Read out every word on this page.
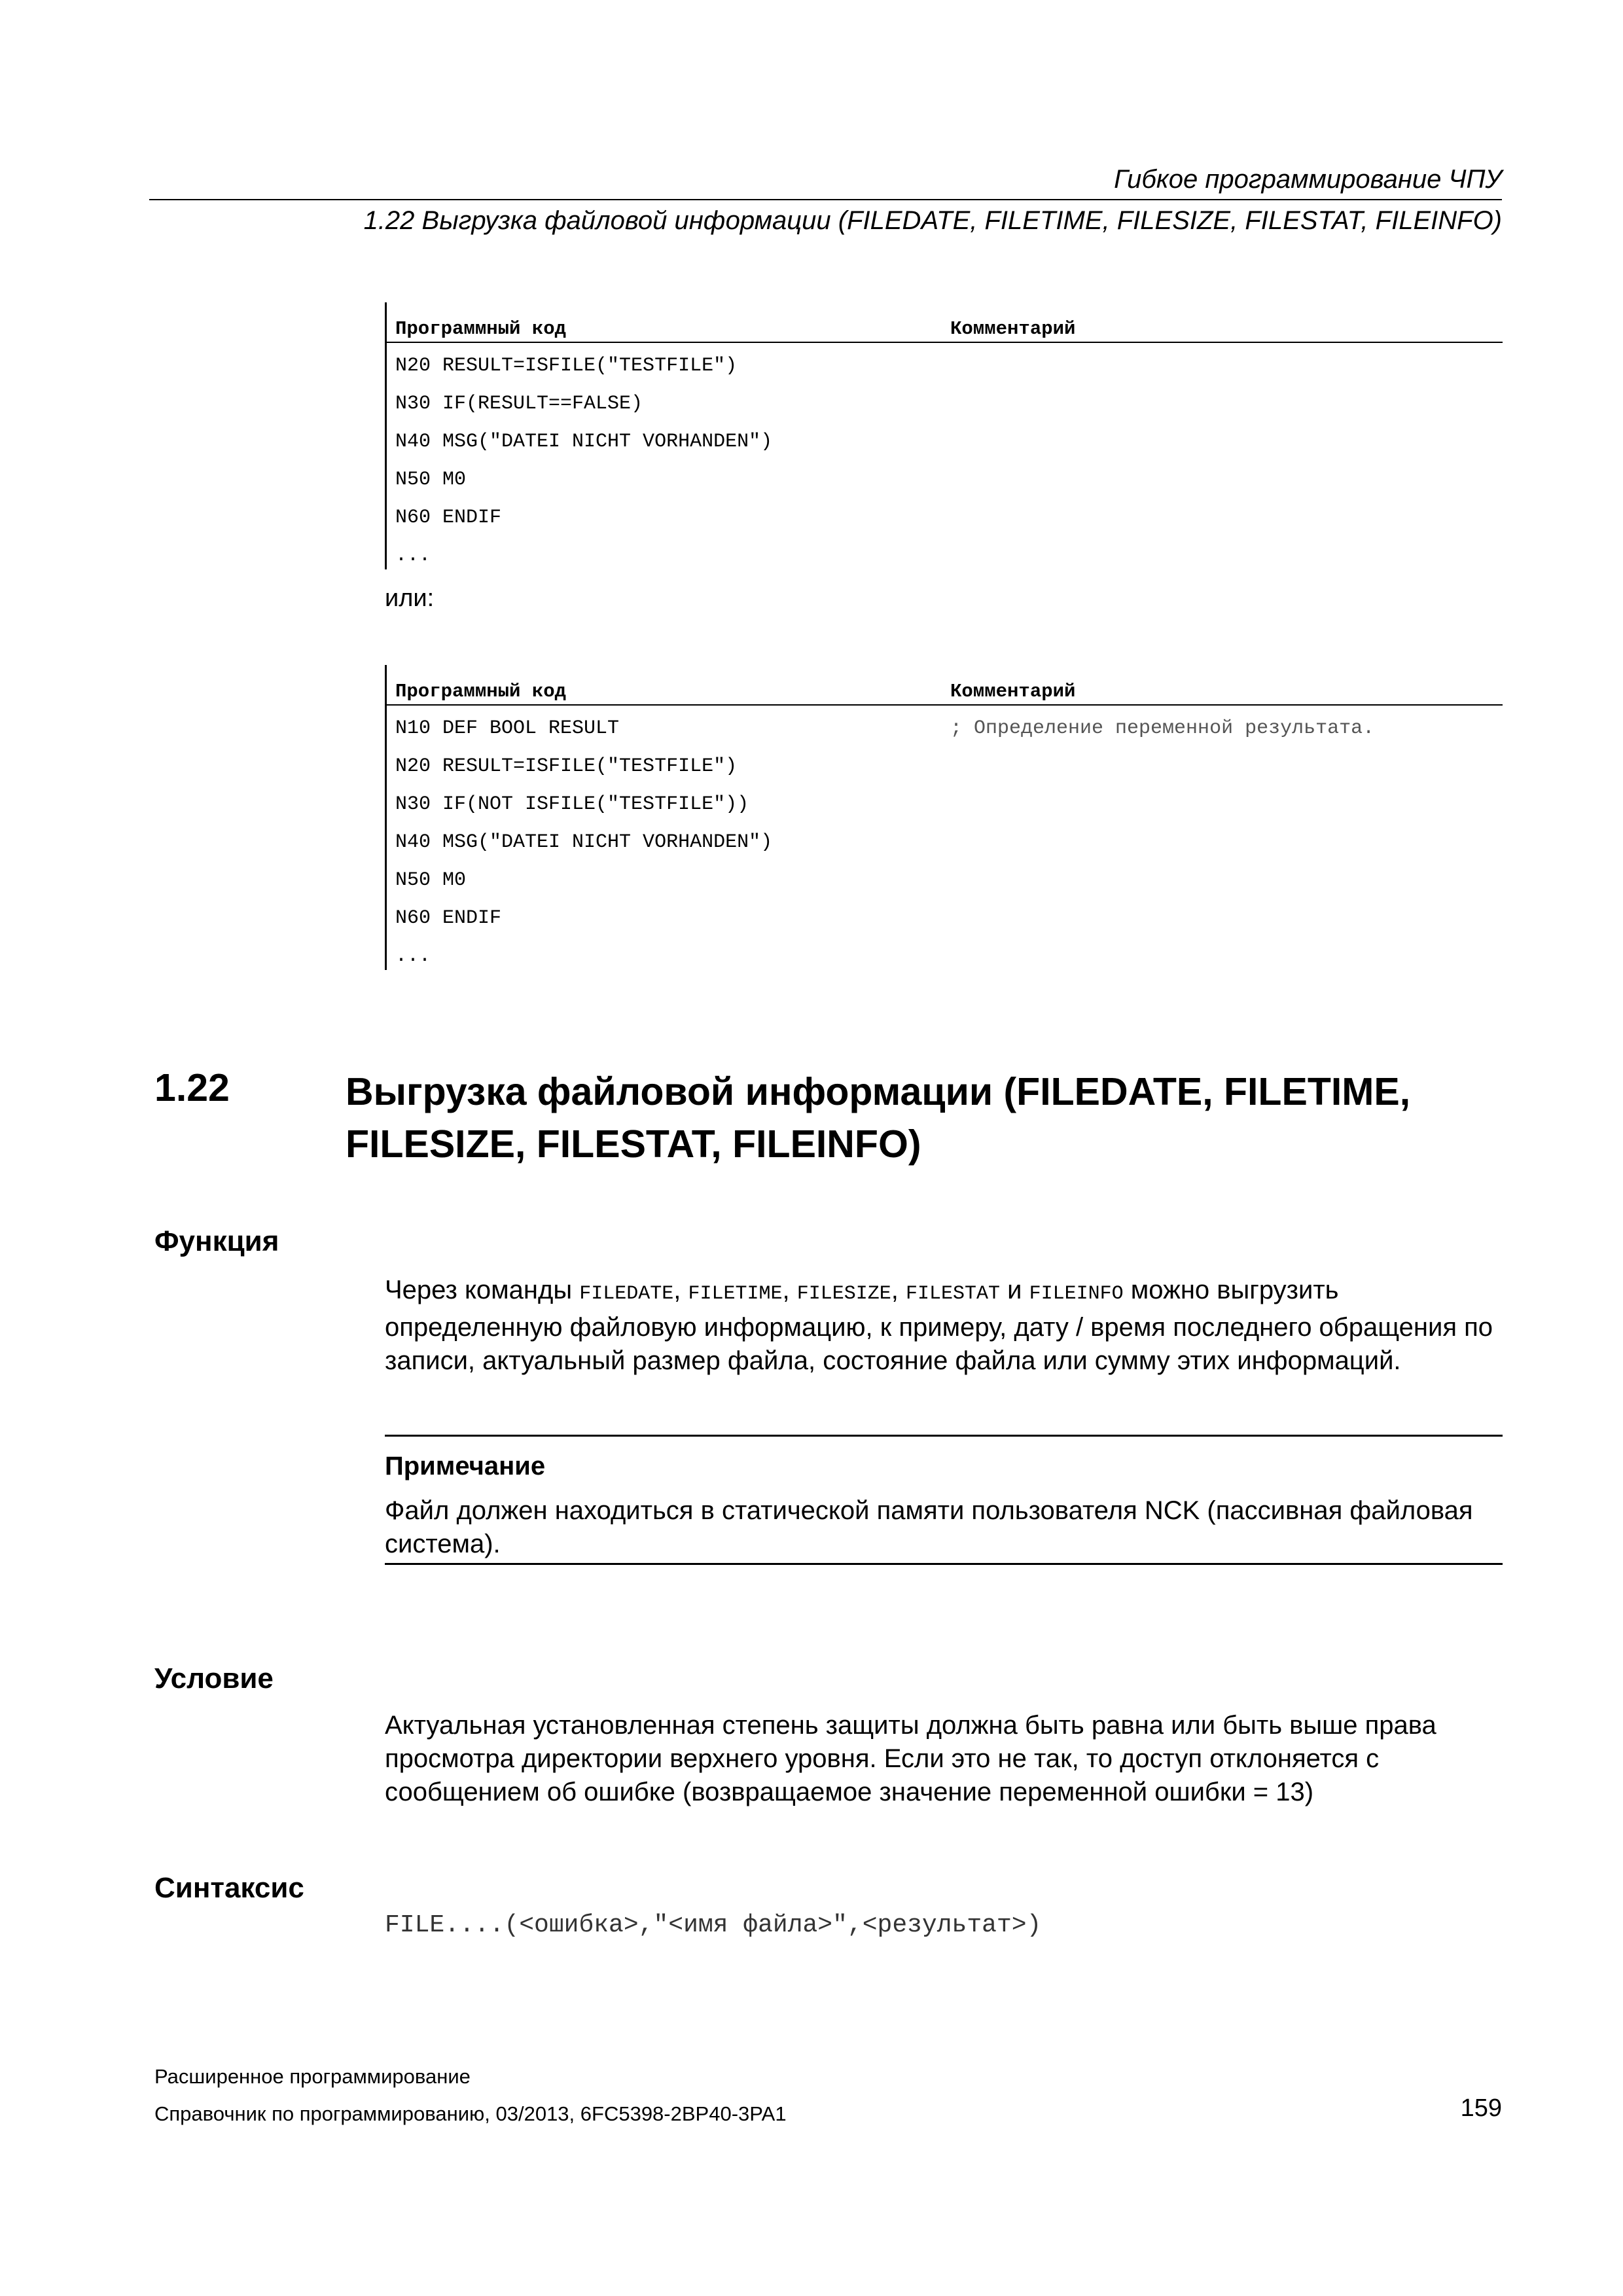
Гибкое программирование ЧПУ
1.22 Выгрузка файловой информации (FILEDATE, FILETIME, FILESIZE, FILESTAT, FILEINFO)
Программный код	Комментарий
N20 RESULT=ISFILE("TESTFILE")
N30 IF(RESULT==FALSE)
N40 MSG("DATEI NICHT VORHANDEN")
N50 M0
N60 ENDIF
...
или:
Программный код	Комментарий
N10 DEF BOOL RESULT	; Определение переменной результата.
N20 RESULT=ISFILE("TESTFILE")
N30 IF(NOT ISFILE("TESTFILE"))
N40 MSG("DATEI NICHT VORHANDEN")
N50 M0
N60 ENDIF
...
1.22	Выгрузка файловой информации (FILEDATE, FILETIME, FILESIZE, FILESTAT, FILEINFO)
Функция
Через команды FILEDATE, FILETIME, FILESIZE, FILESTAT и FILEINFO можно выгрузить определенную файловую информацию, к примеру, дату / время последнего обращения по записи, актуальный размер файла, состояние файла или сумму этих информаций.
Примечание
Файл должен находиться в статической памяти пользователя NCK (пассивная файловая система).
Условие
Актуальная установленная степень защиты должна быть равна или быть выше права просмотра директории верхнего уровня. Если это не так, то доступ отклоняется с сообщением об ошибке (возвращаемое значение переменной ошибки = 13)
Синтаксис
FILE....(<ошибка>,"<имя файла>",<результат>)
Расширенное программирование
Справочник по программированию, 03/2013, 6FC5398-2BP40-3PA1	159
